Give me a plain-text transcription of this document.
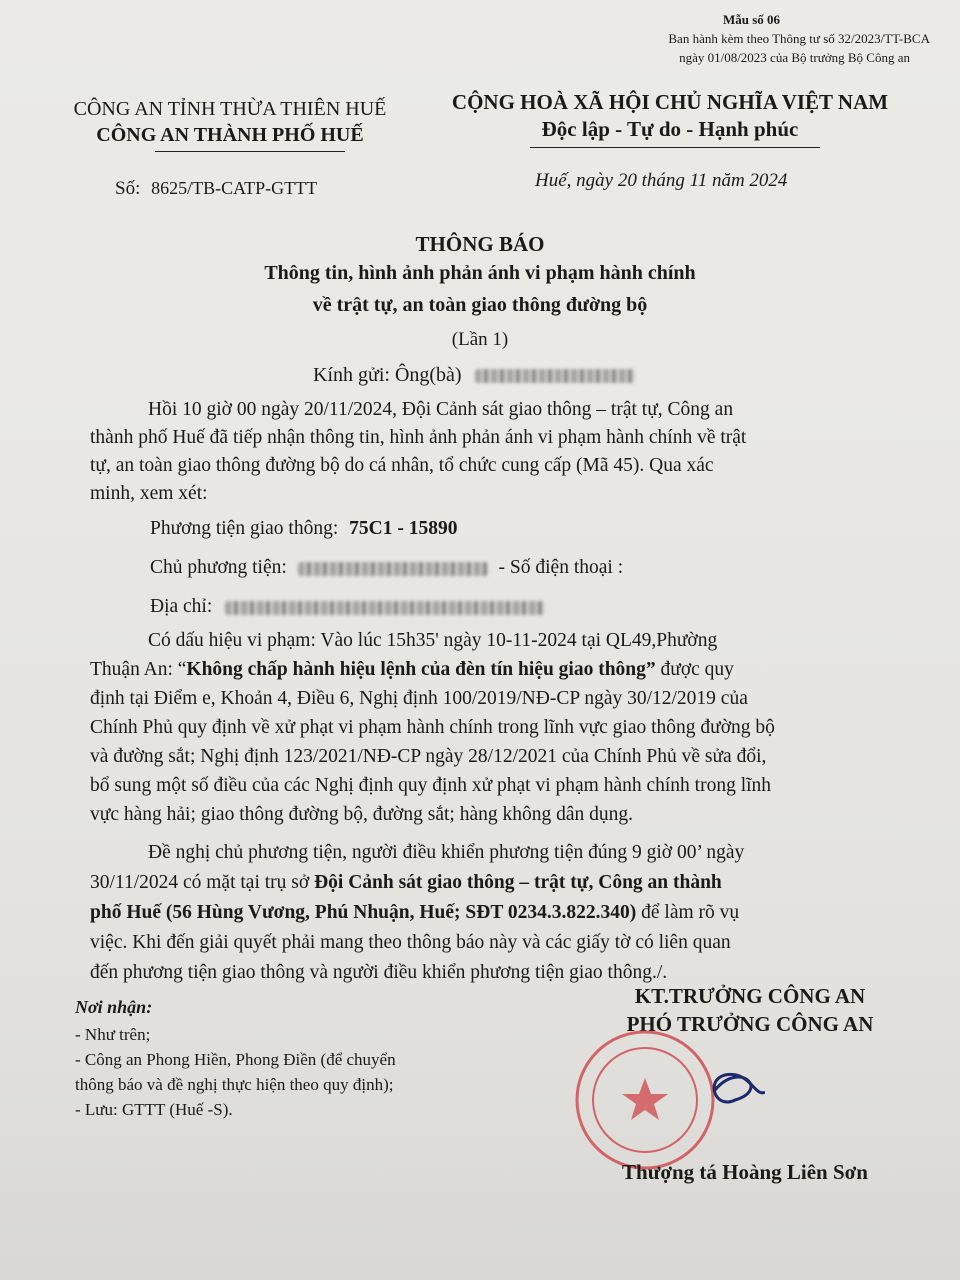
Mẫu số 06
Ban hành kèm theo Thông tư số 32/2023/TT-BCA
ngày 01/08/2023 của Bộ trưởng Bộ Công an
CÔNG AN TỈNH THỪA THIÊN HUẾ
CÔNG AN THÀNH PHỐ HUẾ
CỘNG HOÀ XÃ HỘI CHỦ NGHĨA VIỆT NAM
Độc lập - Tự do - Hạnh phúc
Số: 8625/TB-CATP-GTTT	Huế, ngày 20 tháng 11 năm 2024
THÔNG BÁO
Thông tin, hình ảnh phản ánh vi phạm hành chính
về trật tự, an toàn giao thông đường bộ
(Lần 1)
Kính gửi: Ông(bà)
Hồi 10 giờ 00 ngày 20/11/2024, Đội Cảnh sát giao thông – trật tự, Công an
thành phố Huế đã tiếp nhận thông tin, hình ảnh phản ánh vi phạm hành chính về trật
tự, an toàn giao thông đường bộ do cá nhân, tổ chức cung cấp (Mã 45). Qua xác
minh, xem xét:
Phương tiện giao thông: 75C1 - 15890
Chủ phương tiện:	- Số điện thoại :
Địa chỉ:
Có dấu hiệu vi phạm: Vào lúc 15h35' ngày 10-11-2024 tại QL49,Phường
Thuận An: “Không chấp hành hiệu lệnh của đèn tín hiệu giao thông” được quy
định tại Điểm e, Khoản 4, Điều 6, Nghị định 100/2019/NĐ-CP ngày 30/12/2019 của
Chính Phủ quy định về xử phạt vi phạm hành chính trong lĩnh vực giao thông đường bộ
và đường sắt; Nghị định 123/2021/NĐ-CP ngày 28/12/2021 của Chính Phủ về sửa đổi,
bổ sung một số điều của các Nghị định quy định xử phạt vi phạm hành chính trong lĩnh
vực hàng hải; giao thông đường bộ, đường sắt; hàng không dân dụng.
Đề nghị chủ phương tiện, người điều khiển phương tiện đúng 9 giờ 00’ ngày
30/11/2024 có mặt tại trụ sở Đội Cảnh sát giao thông – trật tự, Công an thành
phố Huế (56 Hùng Vương, Phú Nhuận, Huế; SĐT 0234.3.822.340) để làm rõ vụ
việc. Khi đến giải quyết phải mang theo thông báo này và các giấy tờ có liên quan
đến phương tiện giao thông và người điều khiển phương tiện giao thông./.
Nơi nhận:
- Như trên;
- Công an Phong Hiền, Phong Điền (để chuyển
thông báo và đề nghị thực hiện theo quy định);
- Lưu: GTTT (Huế -S).
KT.TRƯỞNG CÔNG AN
PHÓ TRƯỞNG CÔNG AN
Thượng tá Hoàng Liên Sơn
